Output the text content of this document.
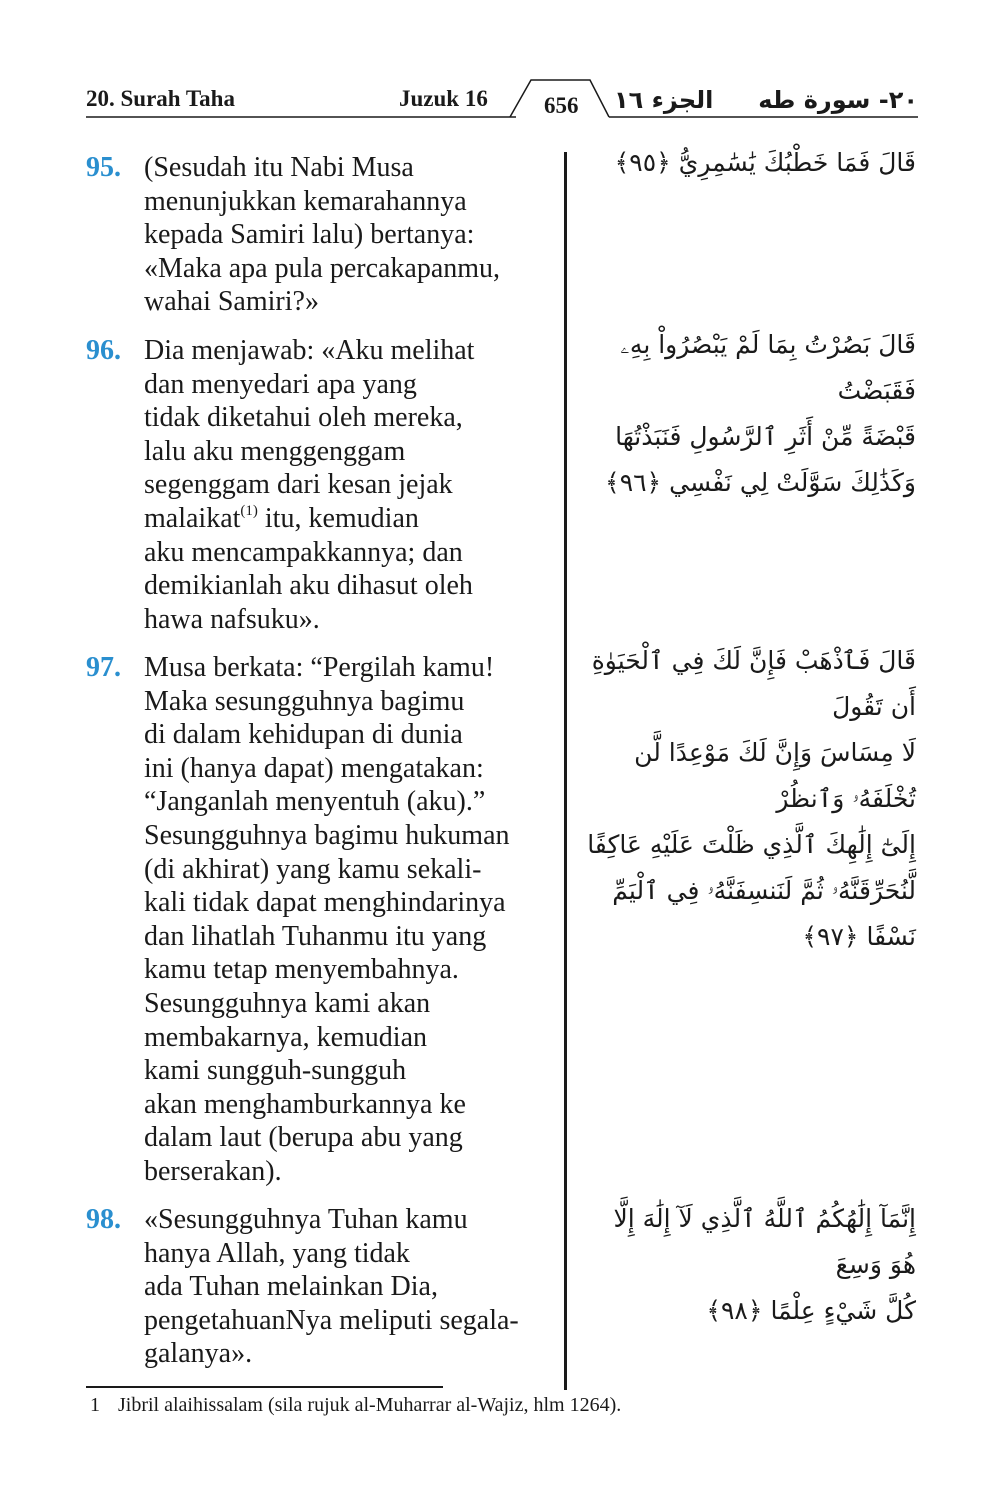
20. Surah Taha	Juzuk 16 656 الجزء ١٦ ٢٠- سورة طه
95. (Sesudah itu Nabi Musa
menunjukkan kemarahannya
kepada Samiri lalu) bertanya:
«Maka apa pula percakapanmu,
wahai Samiri?»
قَالَ فَمَا خَطْبُكَ يَٰسَٰمِرِيُّ ﴿٩٥﴾
96. Dia menjawab: «Aku melihat
dan menyedari apa yang
tidak diketahui oleh mereka,
lalu aku menggenggam
segenggam dari kesan jejak
malaikat$^{(1)}$ itu, kemudian
aku mencampakkannya; dan
demikianlah aku dihasut oleh
hawa nafsuku».
قَالَ بَصُرْتُ بِمَا لَمْ يَبْصُرُواْ بِهِۦ فَقَبَضْتُ
قَبْضَةً مِّنْ أَثَرِ ٱلرَّسُولِ فَنَبَذْتُهَا
وَكَذَٰلِكَ سَوَّلَتْ لِي نَفْسِي ﴿٩٦﴾
97. Musa berkata: “Pergilah kamu!
Maka sesungguhnya bagimu
di dalam kehidupan di dunia
ini (hanya dapat) mengatakan:
“Janganlah menyentuh (aku).”
Sesungguhnya bagimu hukuman
(di akhirat) yang kamu sekali-
kali tidak dapat menghindarinya
dan lihatlah Tuhanmu itu yang
kamu tetap menyembahnya.
Sesungguhnya kami akan
membakarnya, kemudian
kami sungguh-sungguh
akan menghamburkannya ke
dalam laut (berupa abu yang
berserakan).
قَالَ فَٱذْهَبْ فَإِنَّ لَكَ فِي ٱلْحَيَوٰةِ أَن تَقُولَ
لَا مِسَاسَ وَإِنَّ لَكَ مَوْعِدًا لَّن تُخْلَفَهُۥ وَٱنظُرْ
إِلَىٰٓ إِلَٰهِكَ ٱلَّذِي ظَلْتَ عَلَيْهِ عَاكِفًا
لَّنُحَرِّقَنَّهُۥ ثُمَّ لَنَنسِفَنَّهُۥ فِي ٱلْيَمِّ نَسْفًا ﴿٩٧﴾
98. «Sesungguhnya Tuhan kamu
hanya Allah, yang tidak
ada Tuhan melainkan Dia,
pengetahuanNya meliputi segala-
galanya».
إِنَّمَآ إِلَٰهُكُمُ ٱللَّهُ ٱلَّذِي لَآ إِلَٰهَ إِلَّا هُوَ وَسِعَ
كُلَّ شَيْءٍ عِلْمًا ﴿٩٨﴾
1 Jibril alaihissalam (sila rujuk al-Muharrar al-Wajiz, hlm 1264).
